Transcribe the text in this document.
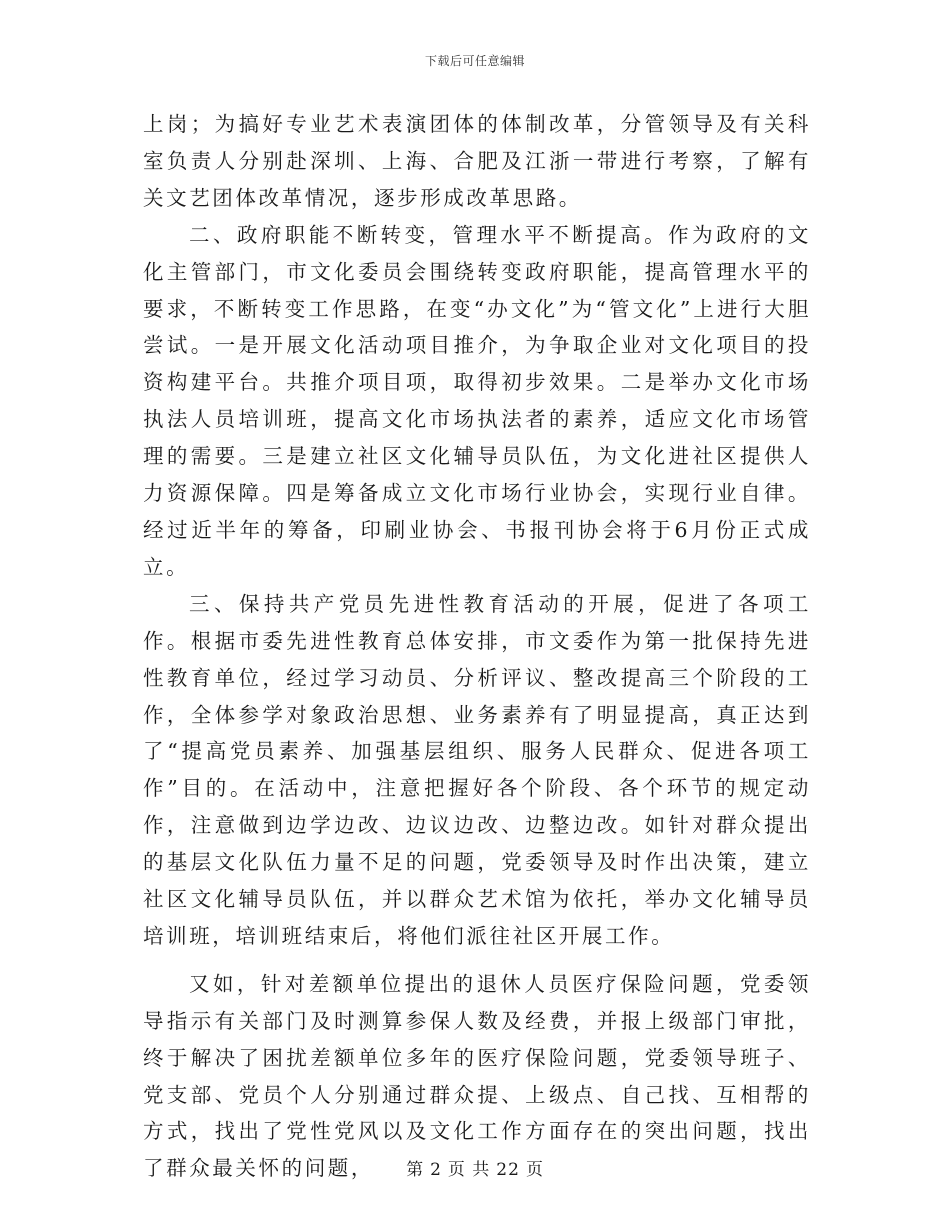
下载后可任意编辑

上岗；为搞好专业艺术表演团体的体制改革，分管领导及有关科室负责人分别赴深圳、上海、合肥及江浙一带进行考察，了解有关文艺团体改革情况，逐步形成改革思路。

二、政府职能不断转变，管理水平不断提高。作为政府的文化主管部门，市文化委员会围绕转变政府职能，提高管理水平的要求，不断转变工作思路，在变“办文化”为“管文化”上进行大胆尝试。一是开展文化活动项目推介，为争取企业对文化项目的投资构建平台。共推介项目项，取得初步效果。二是举办文化市场执法人员培训班，提高文化市场执法者的素养，适应文化市场管理的需要。三是建立社区文化辅导员队伍，为文化进社区提供人力资源保障。四是筹备成立文化市场行业协会，实现行业自律。经过近半年的筹备，印刷业协会、书报刊协会将于6月份正式成立。

三、保持共产党员先进性教育活动的开展，促进了各项工作。根据市委先进性教育总体安排，市文委作为第一批保持先进性教育单位，经过学习动员、分析评议、整改提高三个阶段的工作，全体参学对象政治思想、业务素养有了明显提高，真正达到了“提高党员素养、加强基层组织、服务人民群众、促进各项工作”目的。在活动中，注意把握好各个阶段、各个环节的规定动作，注意做到边学边改、边议边改、边整边改。如针对群众提出的基层文化队伍力量不足的问题，党委领导及时作出决策，建立社区文化辅导员队伍，并以群众艺术馆为依托，举办文化辅导员培训班，培训班结束后，将他们派往社区开展工作。

又如，针对差额单位提出的退休人员医疗保险问题，党委领导指示有关部门及时测算参保人数及经费，并报上级部门审批，终于解决了困扰差额单位多年的医疗保险问题，党委领导班子、党支部、党员个人分别通过群众提、上级点、自己找、互相帮的方式，找出了党性党风以及文化工作方面存在的突出问题，找出了群众最关怀的问题，	第 2 页 共 22 页
